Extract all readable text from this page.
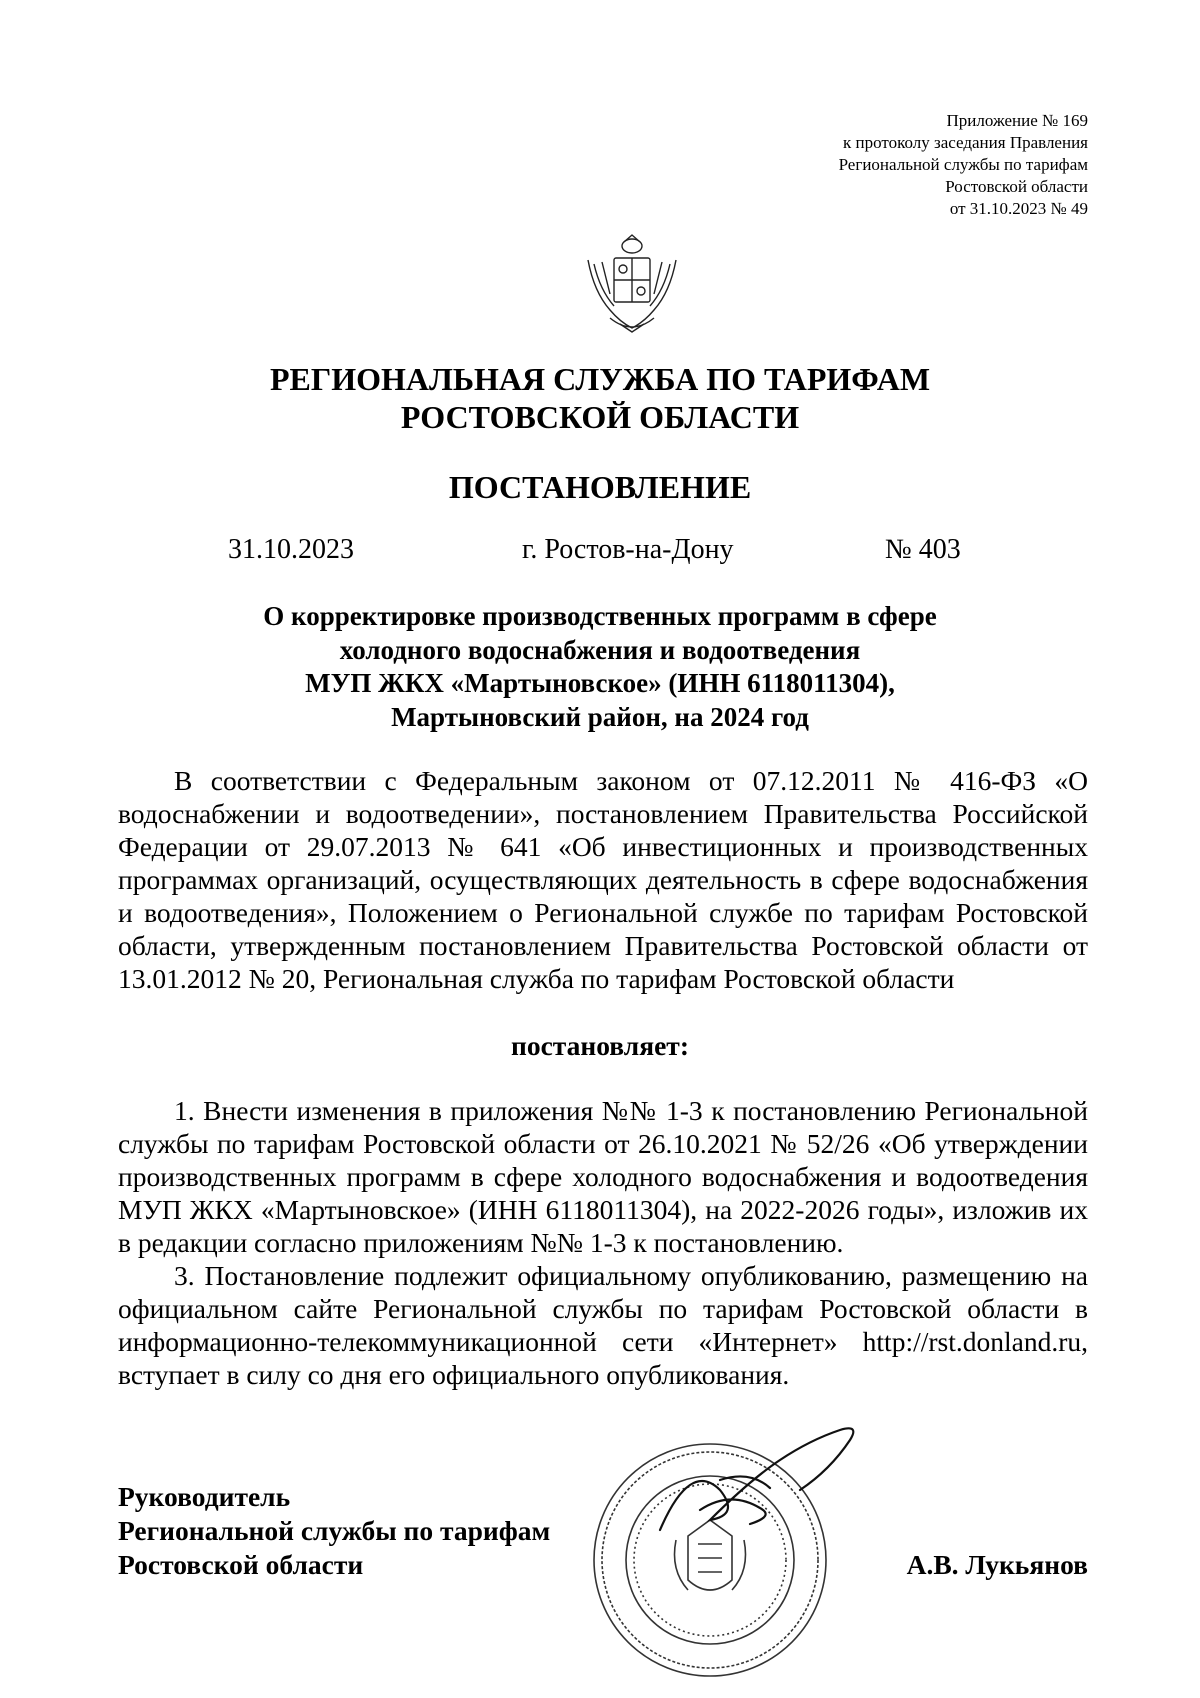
Приложение № 169
к протоколу заседания Правления
Региональной службы по тарифам
Ростовской области
от 31.10.2023 № 49
РЕГИОНАЛЬНАЯ СЛУЖБА ПО ТАРИФАМ
РОСТОВСКОЙ ОБЛАСТИ
ПОСТАНОВЛЕНИЕ
31.10.2023	г. Ростов-на-Дону	№ 403
О корректировке производственных программ в сфере
холодного водоснабжения и водоотведения
МУП ЖКХ «Мартыновское» (ИНН 6118011304),
Мартыновский район, на 2024 год

В соответствии с Федеральным законом от 07.12.2011 № 416-ФЗ «О водоснабжении и водоотведении», постановлением Правительства Российской Федерации от 29.07.2013 № 641 «Об инвестиционных и производственных программах организаций, осуществляющих деятельность в сфере водоснабжения и водоотведения», Положением о Региональной службе по тарифам Ростовской области, утвержденным постановлением Правительства Ростовской области от 13.01.2012 № 20, Региональная служба по тарифам Ростовской области

постановляет:

1. Внести изменения в приложения №№ 1-3 к постановлению Региональной службы по тарифам Ростовской области от 26.10.2021 № 52/26 «Об утверждении производственных программ в сфере холодного водоснабжения и водоотведения МУП ЖКХ «Мартыновское» (ИНН 6118011304), на 2022-2026 годы», изложив их в редакции согласно приложениям №№ 1-3 к постановлению.

3. Постановление подлежит официальному опубликованию, размещению на официальном сайте Региональной службы по тарифам Ростовской области в информационно-телекоммуникационной сети «Интернет» http://rst.donland.ru, вступает в силу со дня его официального опубликования.

Руководитель
Региональной службы по тарифам
Ростовской области	А.В. Лукьянов
